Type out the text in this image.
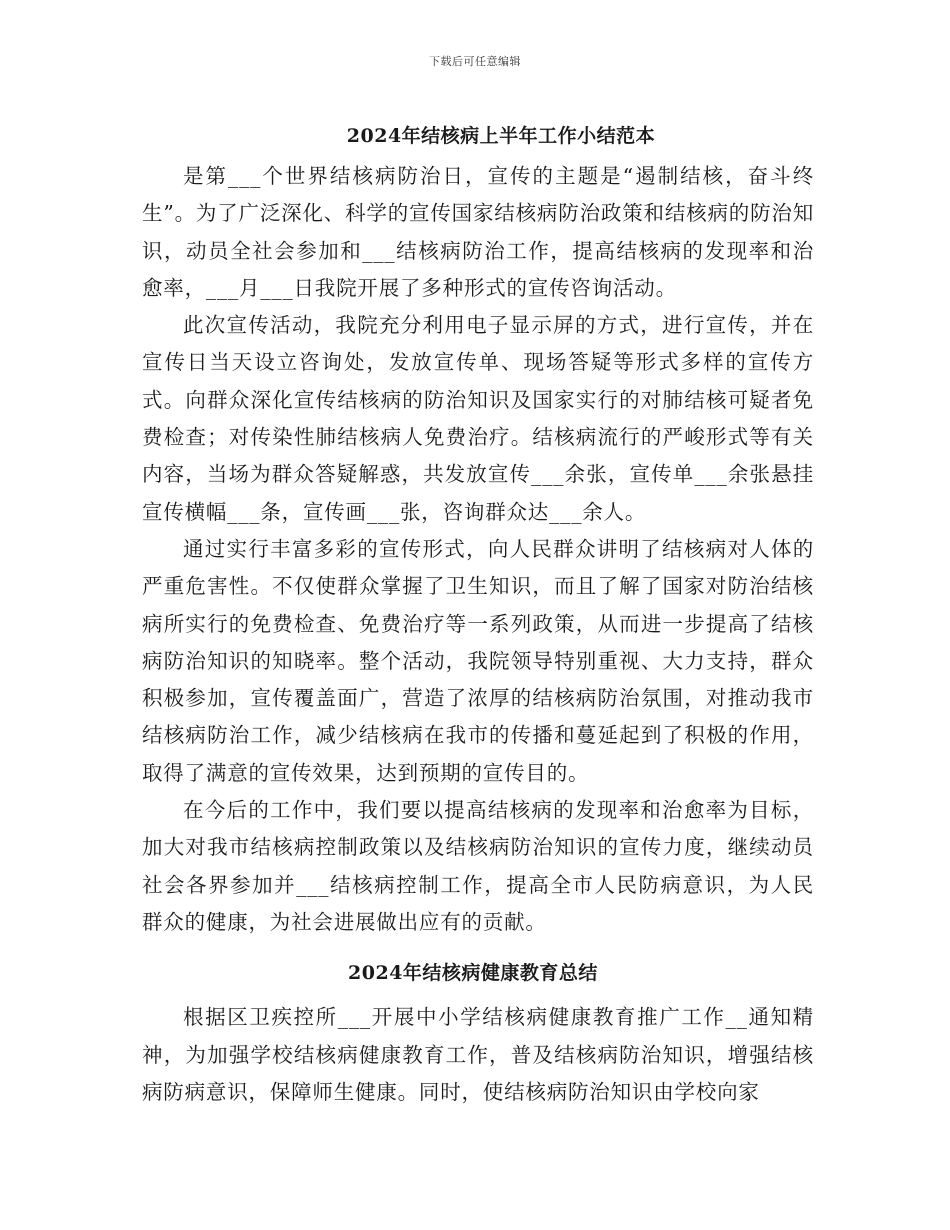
下载后可任意编辑
2024年结核病上半年工作小结范本

是第___个世界结核病防治日，宣传的主题是“遏制结核，奋斗终生”。为了广泛深化、科学的宣传国家结核病防治政策和结核病的防治知识，动员全社会参加和___结核病防治工作，提高结核病的发现率和治愈率，___月___日我院开展了多种形式的宣传咨询活动。

此次宣传活动，我院充分利用电子显示屏的方式，进行宣传，并在宣传日当天设立咨询处，发放宣传单、现场答疑等形式多样的宣传方式。向群众深化宣传结核病的防治知识及国家实行的对肺结核可疑者免费检查；对传染性肺结核病人免费治疗。结核病流行的严峻形式等有关内容，当场为群众答疑解惑，共发放宣传___余张，宣传单___余张悬挂宣传横幅___条，宣传画___张，咨询群众达___余人。

通过实行丰富多彩的宣传形式，向人民群众讲明了结核病对人体的严重危害性。不仅使群众掌握了卫生知识，而且了解了国家对防治结核病所实行的免费检查、免费治疗等一系列政策，从而进一步提高了结核病防治知识的知晓率。整个活动，我院领导特别重视、大力支持，群众积极参加，宣传覆盖面广，营造了浓厚的结核病防治氛围，对推动我市结核病防治工作，减少结核病在我市的传播和蔓延起到了积极的作用，取得了满意的宣传效果，达到预期的宣传目的。

在今后的工作中，我们要以提高结核病的发现率和治愈率为目标，加大对我市结核病控制政策以及结核病防治知识的宣传力度，继续动员社会各界参加并___结核病控制工作，提高全市人民防病意识，为人民群众的健康，为社会进展做出应有的贡献。

2024年结核病健康教育总结

根据区卫疾控所___开展中小学结核病健康教育推广工作__通知精神，为加强学校结核病健康教育工作，普及结核病防治知识，增强结核病防病意识，保障师生健康。同时，使结核病防治知识由学校向家
